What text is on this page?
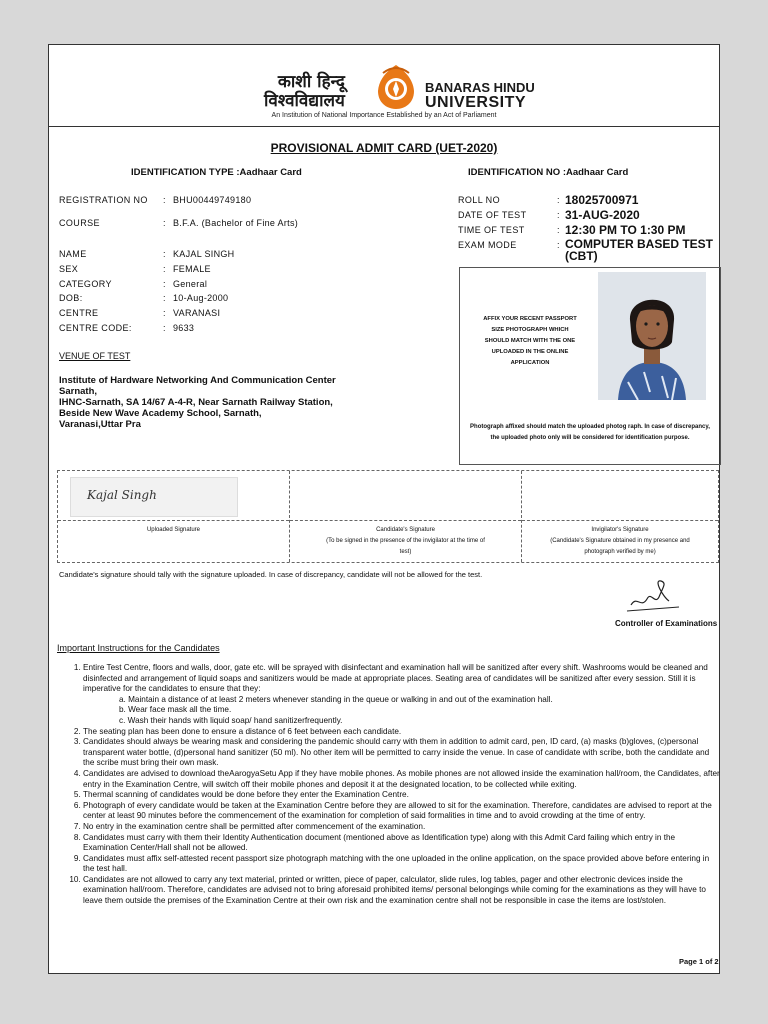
काशी हिन्दू
विश्वविद्यालय
BANARAS HINDU
UNIVERSITY
An Institution of National Importance Established by an Act of Parliament
PROVISIONAL ADMIT CARD (UET-2020)
IDENTIFICATION TYPE :Aadhaar Card	IDENTIFICATION NO :Aadhaar Card
REGISTRATION NO : BHU00449749180
COURSE	: B.F.A. (Bachelor of Fine Arts)
NAME	: KAJAL SINGH
SEX	: FEMALE
CATEGORY	: General
DOB:	: 10-Aug-2000
CENTRE	: VARANASI
CENTRE CODE:	: 9633
ROLL NO	: 18025700971
DATE OF TEST	: 31-AUG-2020
TIME OF TEST	: 12:30 PM TO 1:30 PM
EXAM MODE	: COMPUTER BASED TEST
(CBT)
VENUE OF TEST
Institute of Hardware Networking And Communication Center
Sarnath,
IHNC-Sarnath, SA 14/67 A-4-R, Near Sarnath Railway Station,
Beside New Wave Academy School, Sarnath,
Varanasi,Uttar Pra
AFFIX YOUR RECENT PASSPORT
SIZE PHOTOGRAPH WHICH
SHOULD MATCH WITH THE ONE
UPLOADED IN THE ONLINE
APPLICATION
Photograph affixed should match the uploaded photog raph. In case of discrepancy,
the uploaded photo only will be considered for identification purpose.
Kajal Singh
Uploaded Signature	Candidate's Signature
(To be signed in the presence of the invigilator at the time of
test)
Invigilator's Signature
(Candidate's Signature obtained in my presence and
photograph verified by me)
Candidate's signature should tally with the signature uploaded. In case of discrepancy, candidate will not be allowed for the test.
Controller of Examinations
Important Instructions for the Candidates
1. Entire Test Centre, floors and walls, door, gate etc. will be sprayed with disinfectant and examination hall will be sanitized after every shift. Washrooms would be cleaned and disinfected and arrangement of liquid soaps and sanitizers would be made at appropriate places. Seating area of candidates will be sanitized after every session. Still it is imperative for the candidates to ensure that they:
a. Maintain a distance of at least 2 meters whenever standing in the queue or walking in and out of the examination hall.
b. Wear face mask all the time.
c. Wash their hands with liquid soap/ hand sanitizerfrequently.
2. The seating plan has been done to ensure a distance of 6 feet between each candidate.
3. Candidates should always be wearing mask and considering the pandemic should carry with them in addition to admit card, pen, ID card, (a) masks (b)gloves, (c)personal transparent water bottle, (d)personal hand sanitizer (50 ml). No other item will be permitted to carry inside the venue. In case of candidate with scribe, both the candidate and the scribe must bring their own mask.
4. Candidates are advised to download theAarogyaSetu App if they have mobile phones. As mobile phones are not allowed inside the examination hall/room, the Candidates, after entry in the Examination Centre, will switch off their mobile phones and deposit it at the designated location, to be collected while exiting.
5. Thermal scanning of candidates would be done before they enter the Examination Centre.
6. Photograph of every candidate would be taken at the Examination Centre before they are allowed to sit for the examination. Therefore, candidates are advised to report at the center at least 90 minutes before the commencement of the examination for completion of said formalities in time and to avoid crowding at the time of entry.
7. No entry in the examination centre shall be permitted after commencement of the examination.
8. Candidates must carry with them their Identity Authentication document (mentioned above as Identification type) along with this Admit Card failing which entry in the Examination Center/Hall shall not be allowed.
9. Candidates must affix self-attested recent passport size photograph matching with the one uploaded in the online application, on the space provided above before entering in the test hall.
10. Candidates are not allowed to carry any text material, printed or written, piece of paper, calculator, slide rules, log tables, pager and other electronic devices inside the examination hall/room. Therefore, candidates are advised not to bring aforesaid prohibited items/ personal belongings while coming for the examinations as they will have to leave them outside the premises of the Examination Centre at their own risk and the examination centre shall not be responsible in case the items are lost/stolen.
Page 1 of 2
